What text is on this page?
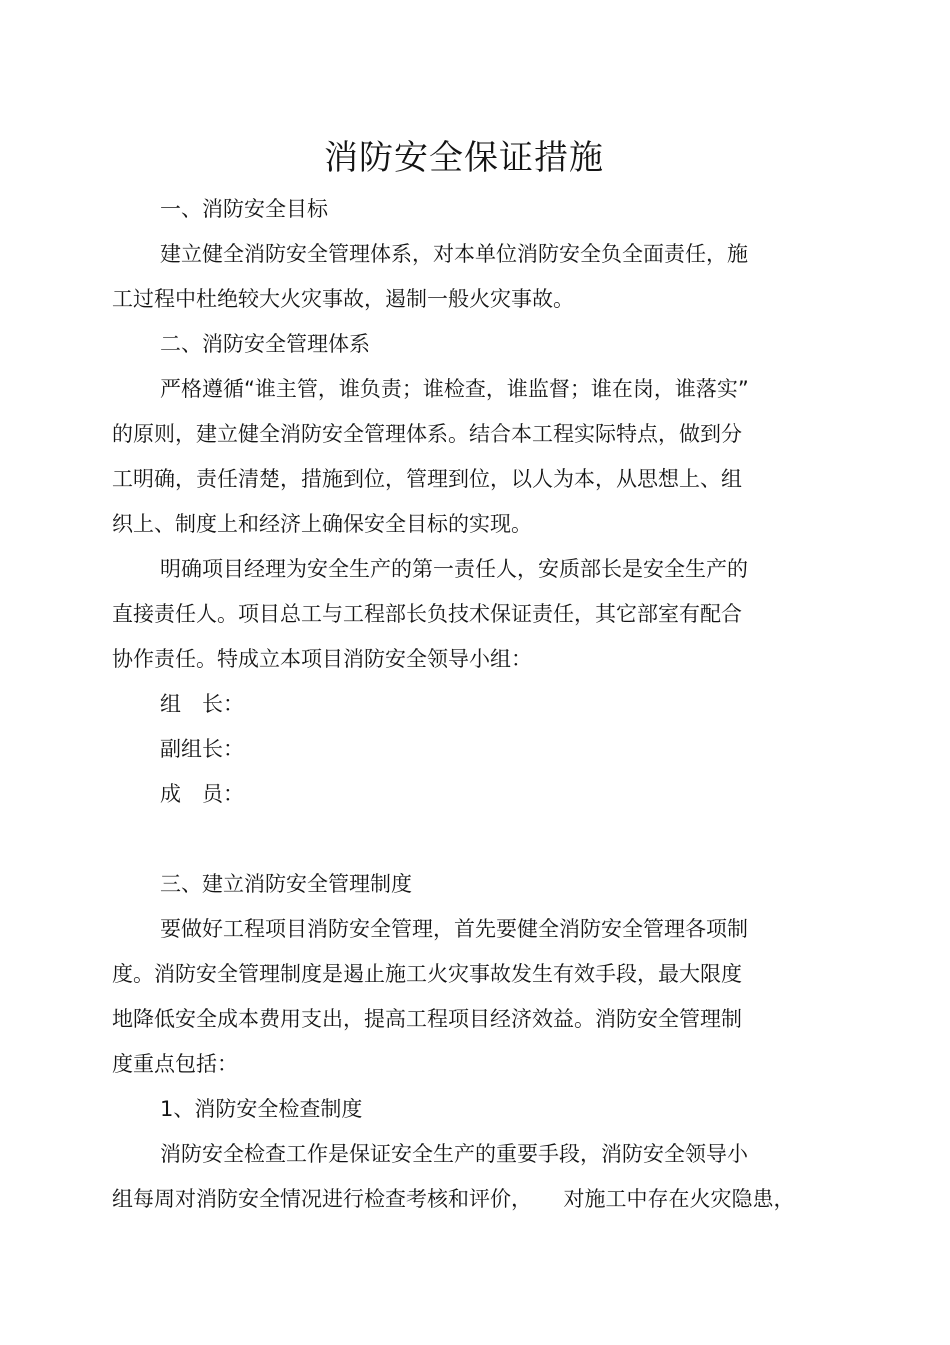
消防安全保证措施
一、消防安全目标
建立健全消防安全管理体系，对本单位消防安全负全面责任，施
工过程中杜绝较大火灾事故，遏制一般火灾事故。
二、消防安全管理体系
严格遵循“谁主管，谁负责；谁检查，谁监督；谁在岗，谁落实”
的原则，建立健全消防安全管理体系。结合本工程实际特点，做到分
工明确，责任清楚，措施到位，管理到位，以人为本，从思想上、组
织上、制度上和经济上确保安全目标的实现。
明确项目经理为安全生产的第一责任人，安质部长是安全生产的
直接责任人。项目总工与工程部长负技术保证责任，其它部室有配合
协作责任。特成立本项目消防安全领导小组：
组　长：
副组长：
成　员：
三、建立消防安全管理制度
要做好工程项目消防安全管理，首先要健全消防安全管理各项制
度。消防安全管理制度是遏止施工火灾事故发生有效手段，最大限度
地降低安全成本费用支出，提高工程项目经济效益。消防安全管理制
度重点包括：
1、消防安全检查制度
消防安全检查工作是保证安全生产的重要手段，消防安全领导小
组每周对消防安全情况进行检查考核和评价，　　对施工中存在火灾隐患，
